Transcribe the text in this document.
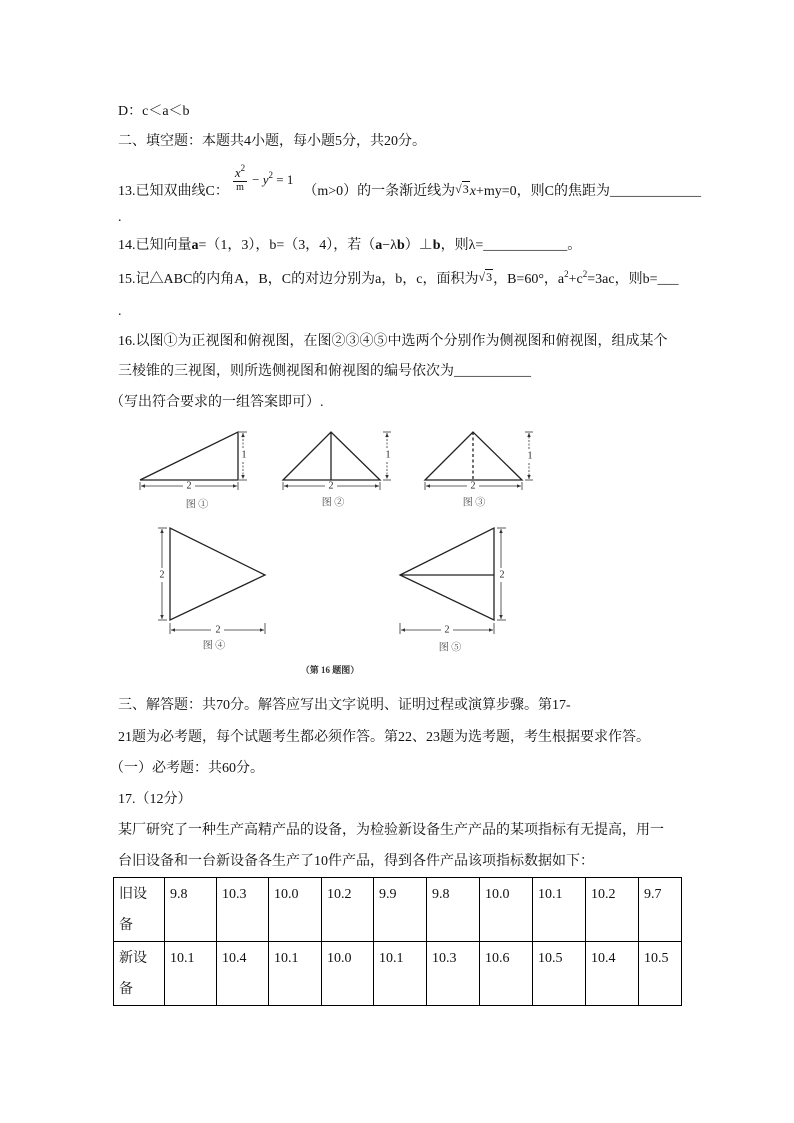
D：c＜a＜b
二、填空题：本题共4小题，每小题5分，共20分。
13.已知双曲线C： $\frac{x^2}{m} - y^2 = 1$
（m>0）的一条渐近线为√3x+my=0，则C的焦距为_____________
.
14.已知向量a=（1，3），b=（3，4），若（a−λb）⊥b，则λ=____________。
15.记△ABC的内角A，B，C的对边分别为a，b，c，面积为√3，B=60°，$a^2+c^2=3ac$，则b=___
.
16.以图①为正视图和俯视图，在图②③④⑤中选两个分别作为侧视图和俯视图，组成某个
三棱锥的三视图，则所选侧视图和俯视图的编号依次为___________
（写出符合要求的一组答案即可）.
1
2
图 ①
1
2
图 ②
1
2
图 ③
2
2
图 ④
2
2
图 ⑤
（第 16 题图）
三、解答题：共70分。解答应写出文字说明、证明过程或演算步骤。第17-
21题为必考题，每个试题考生都必须作答。第22、23题为选考题，考生根据要求作答。
（一）必考题：共60分。
17.（12分）
某厂研究了一种生产高精产品的设备，为检验新设备生产产品的某项指标有无提高，用一
台旧设备和一台新设备各生产了10件产品，得到各件产品该项指标数据如下：
旧设备	9.8	10.3	10.0	10.2	9.9	9.8	10.0	10.1	10.2	9.7
新设备	10.1	10.4	10.1	10.0	10.1	10.3	10.6	10.5	10.4	10.5
